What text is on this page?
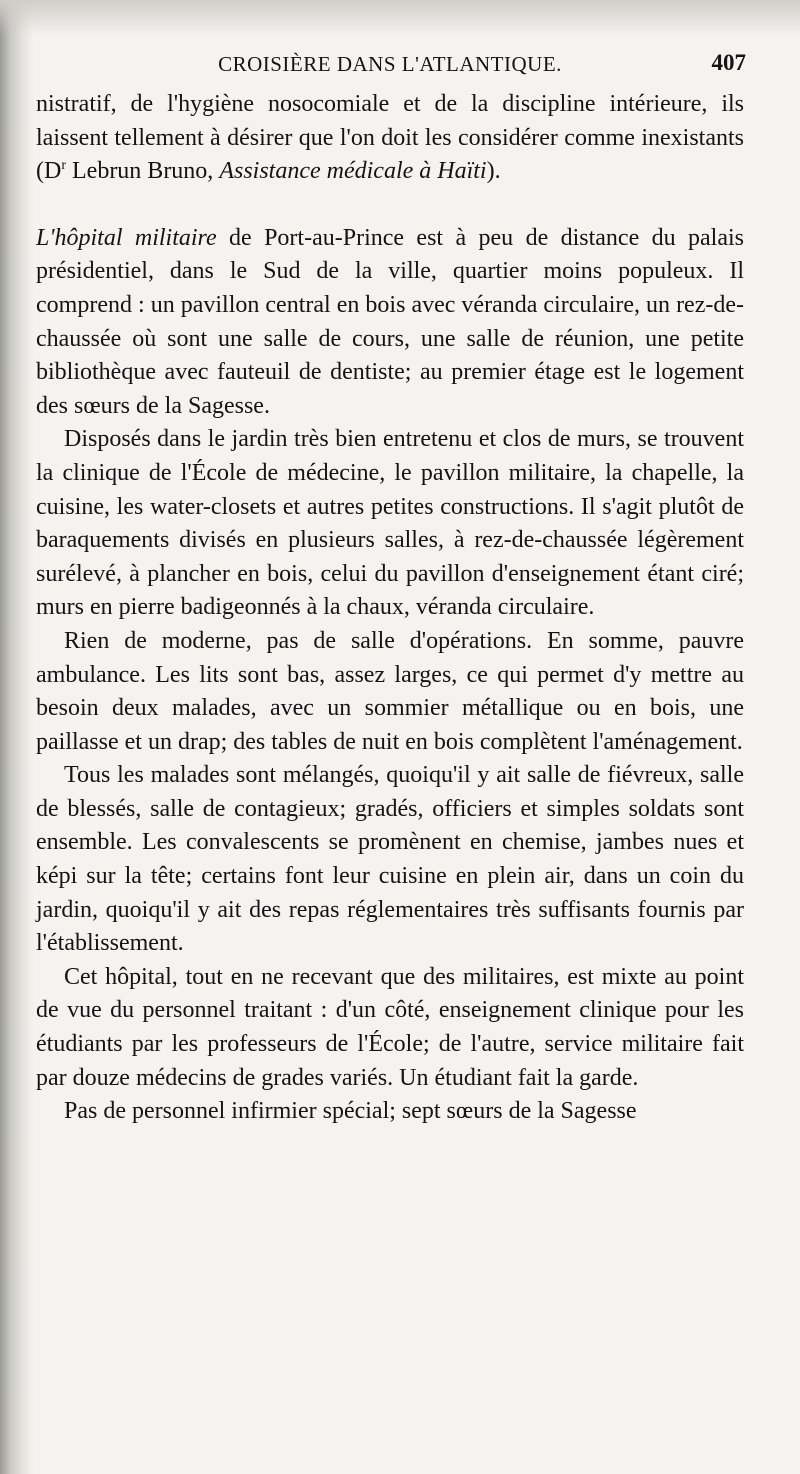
CROISIÈRE DANS L'ATLANTIQUE.	407

nistratif, de l'hygiène nosocomiale et de la discipline intérieure, ils laissent tellement à désirer que l'on doit les considérer comme inexistants ($D^r$ Lebrun Bruno, Assistance médicale à Haïti).

L'hôpital militaire de Port-au-Prince est à peu de distance du palais présidentiel, dans le Sud de la ville, quartier moins populeux. Il comprend : un pavillon central en bois avec véranda circulaire, un rez-de-chaussée où sont une salle de cours, une salle de réunion, une petite bibliothèque avec fauteuil de dentiste; au premier étage est le logement des sœurs de la Sagesse.

Disposés dans le jardin très bien entretenu et clos de murs, se trouvent la clinique de l'École de médecine, le pavillon militaire, la chapelle, la cuisine, les water-closets et autres petites constructions. Il s'agit plutôt de baraquements divisés en plusieurs salles, à rez-de-chaussée légèrement surélevé, à plancher en bois, celui du pavillon d'enseignement étant ciré; murs en pierre badigeonnés à la chaux, véranda circulaire.

Rien de moderne, pas de salle d'opérations. En somme, pauvre ambulance. Les lits sont bas, assez larges, ce qui permet d'y mettre au besoin deux malades, avec un sommier métallique ou en bois, une paillasse et un drap; des tables de nuit en bois complètent l'aménagement.

Tous les malades sont mélangés, quoiqu'il y ait salle de fiévreux, salle de blessés, salle de contagieux; gradés, officiers et simples soldats sont ensemble. Les convalescents se promènent en chemise, jambes nues et képi sur la tête; certains font leur cuisine en plein air, dans un coin du jardin, quoiqu'il y ait des repas réglementaires très suffisants fournis par l'établissement.

Cet hôpital, tout en ne recevant que des militaires, est mixte au point de vue du personnel traitant : d'un côté, enseignement clinique pour les étudiants par les professeurs de l'École; de l'autre, service militaire fait par douze médecins de grades variés. Un étudiant fait la garde.

Pas de personnel infirmier spécial; sept sœurs de la Sagesse
